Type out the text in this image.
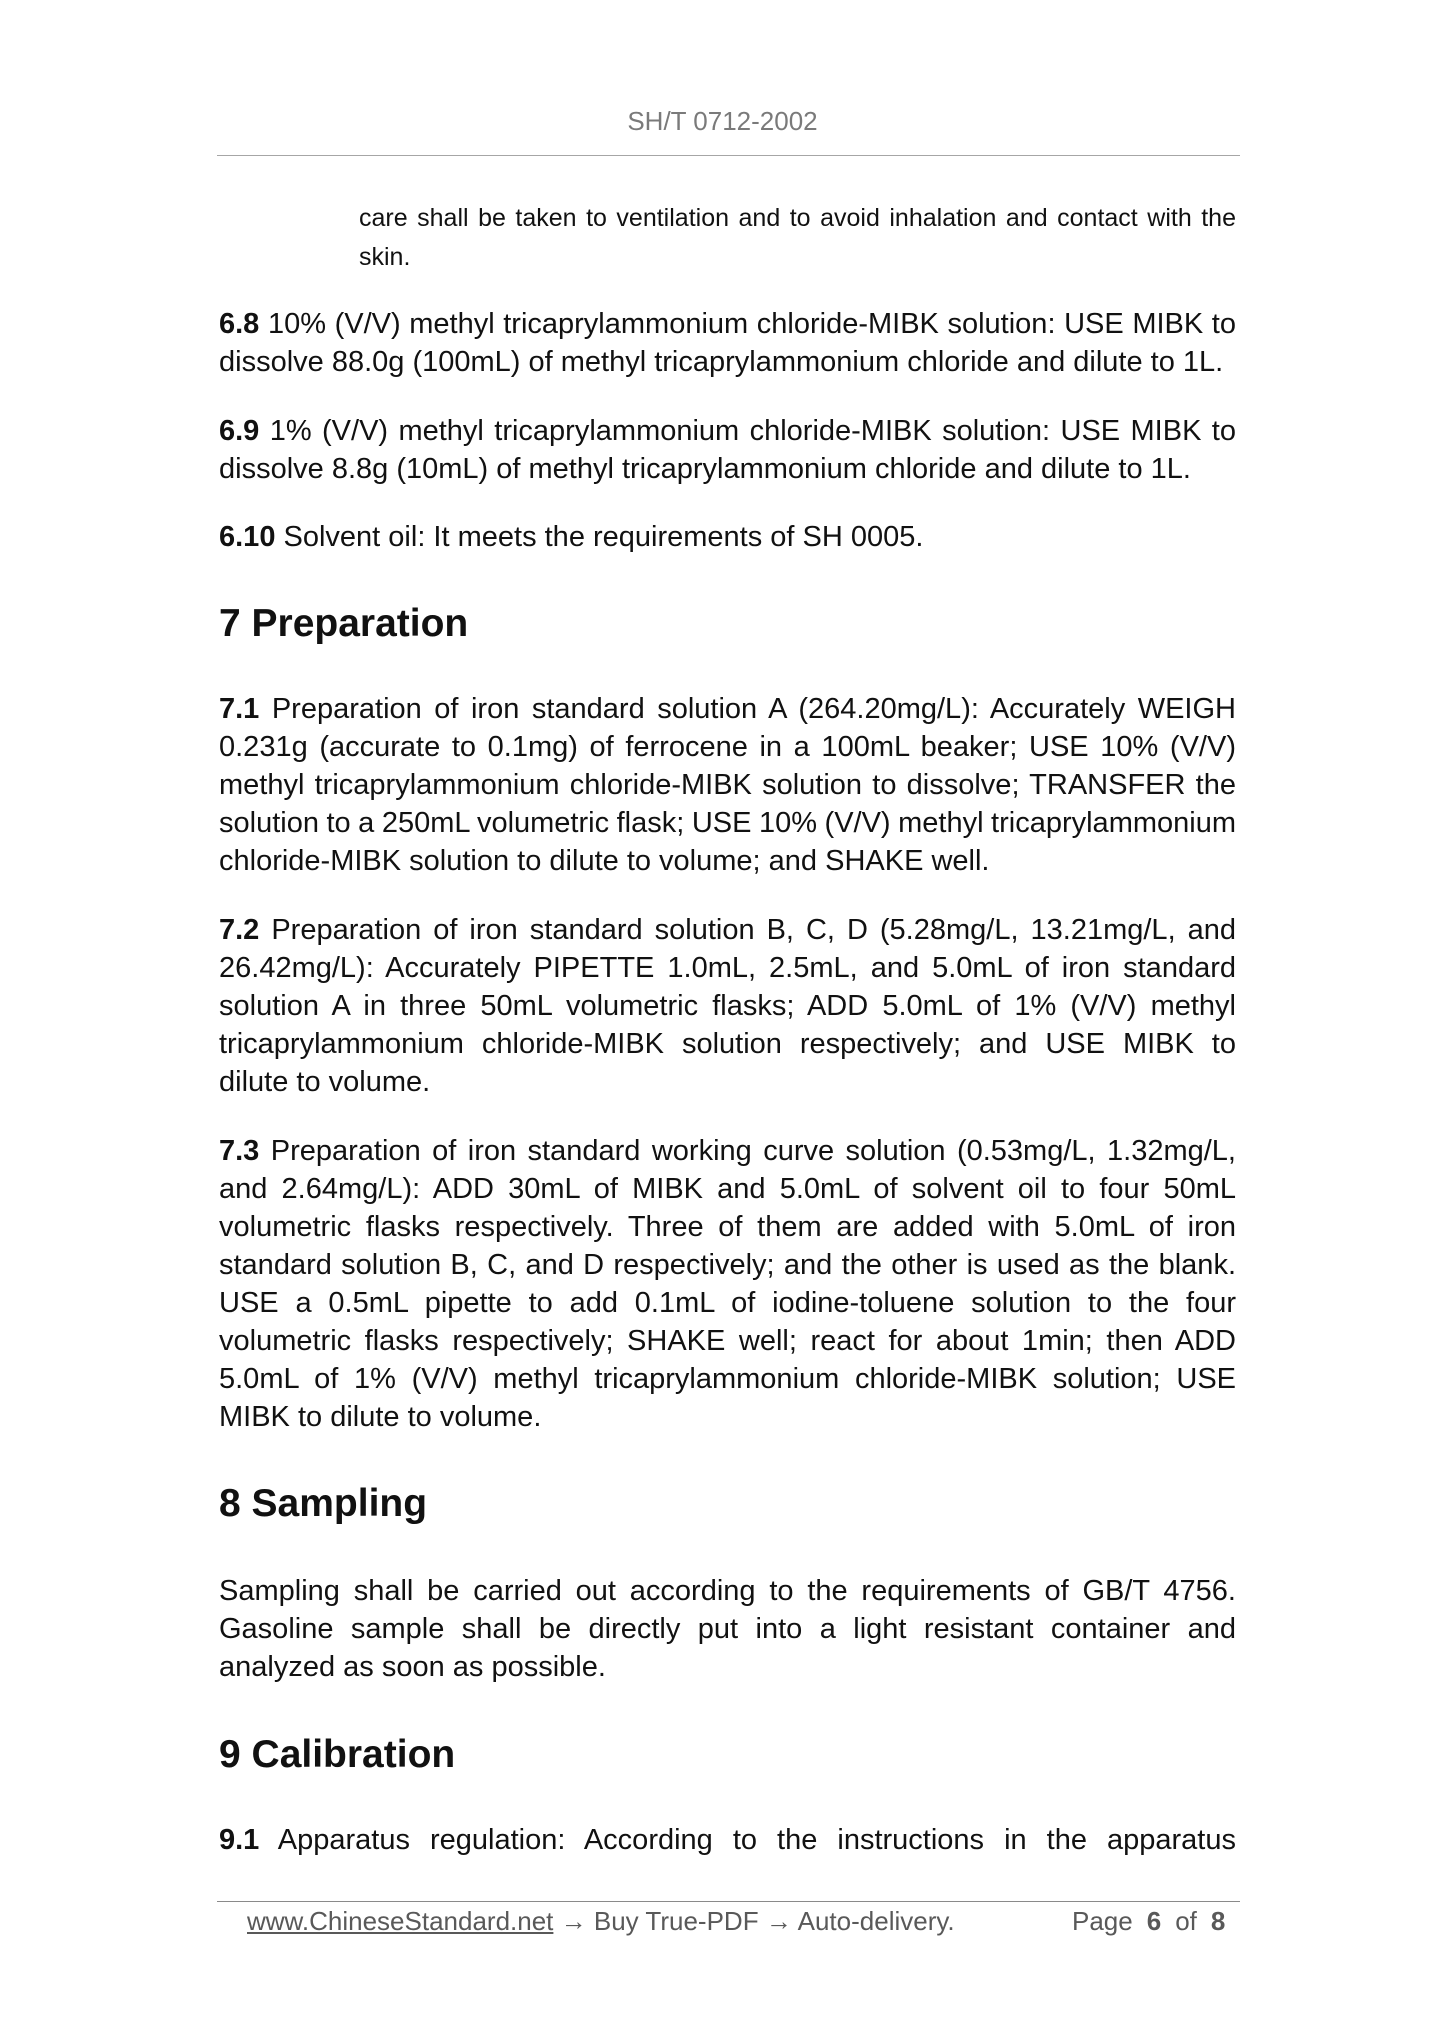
SH/T 0712-2002
care shall be taken to ventilation and to avoid inhalation and contact with the
skin.
6.8 10% (V/V) methyl tricaprylammonium chloride-MIBK solution: USE MIBK to
dissolve 88.0g (100mL) of methyl tricaprylammonium chloride and dilute to 1L.
6.9 1% (V/V) methyl tricaprylammonium chloride-MIBK solution: USE MIBK to
dissolve 8.8g (10mL) of methyl tricaprylammonium chloride and dilute to 1L.
6.10 Solvent oil: It meets the requirements of SH 0005.
7 Preparation
7.1 Preparation of iron standard solution A (264.20mg/L): Accurately WEIGH
0.231g (accurate to 0.1mg) of ferrocene in a 100mL beaker; USE 10% (V/V)
methyl tricaprylammonium chloride-MIBK solution to dissolve; TRANSFER the
solution to a 250mL volumetric flask; USE 10% (V/V) methyl tricaprylammonium
chloride-MIBK solution to dilute to volume; and SHAKE well.
7.2 Preparation of iron standard solution B, C, D (5.28mg/L, 13.21mg/L, and
26.42mg/L): Accurately PIPETTE 1.0mL, 2.5mL, and 5.0mL of iron standard
solution A in three 50mL volumetric flasks; ADD 5.0mL of 1% (V/V) methyl
tricaprylammonium chloride-MIBK solution respectively; and USE MIBK to
dilute to volume.
7.3 Preparation of iron standard working curve solution (0.53mg/L, 1.32mg/L,
and 2.64mg/L): ADD 30mL of MIBK and 5.0mL of solvent oil to four 50mL
volumetric flasks respectively. Three of them are added with 5.0mL of iron
standard solution B, C, and D respectively; and the other is used as the blank.
USE a 0.5mL pipette to add 0.1mL of iodine-toluene solution to the four
volumetric flasks respectively; SHAKE well; react for about 1min; then ADD
5.0mL of 1% (V/V) methyl tricaprylammonium chloride-MIBK solution; USE
MIBK to dilute to volume.
8 Sampling
Sampling shall be carried out according to the requirements of GB/T 4756.
Gasoline sample shall be directly put into a light resistant container and
analyzed as soon as possible.
9 Calibration
9.1 Apparatus regulation: According to the instructions in the apparatus
www.ChineseStandard.net → Buy True-PDF → Auto-delivery.	Page 6 of 8
